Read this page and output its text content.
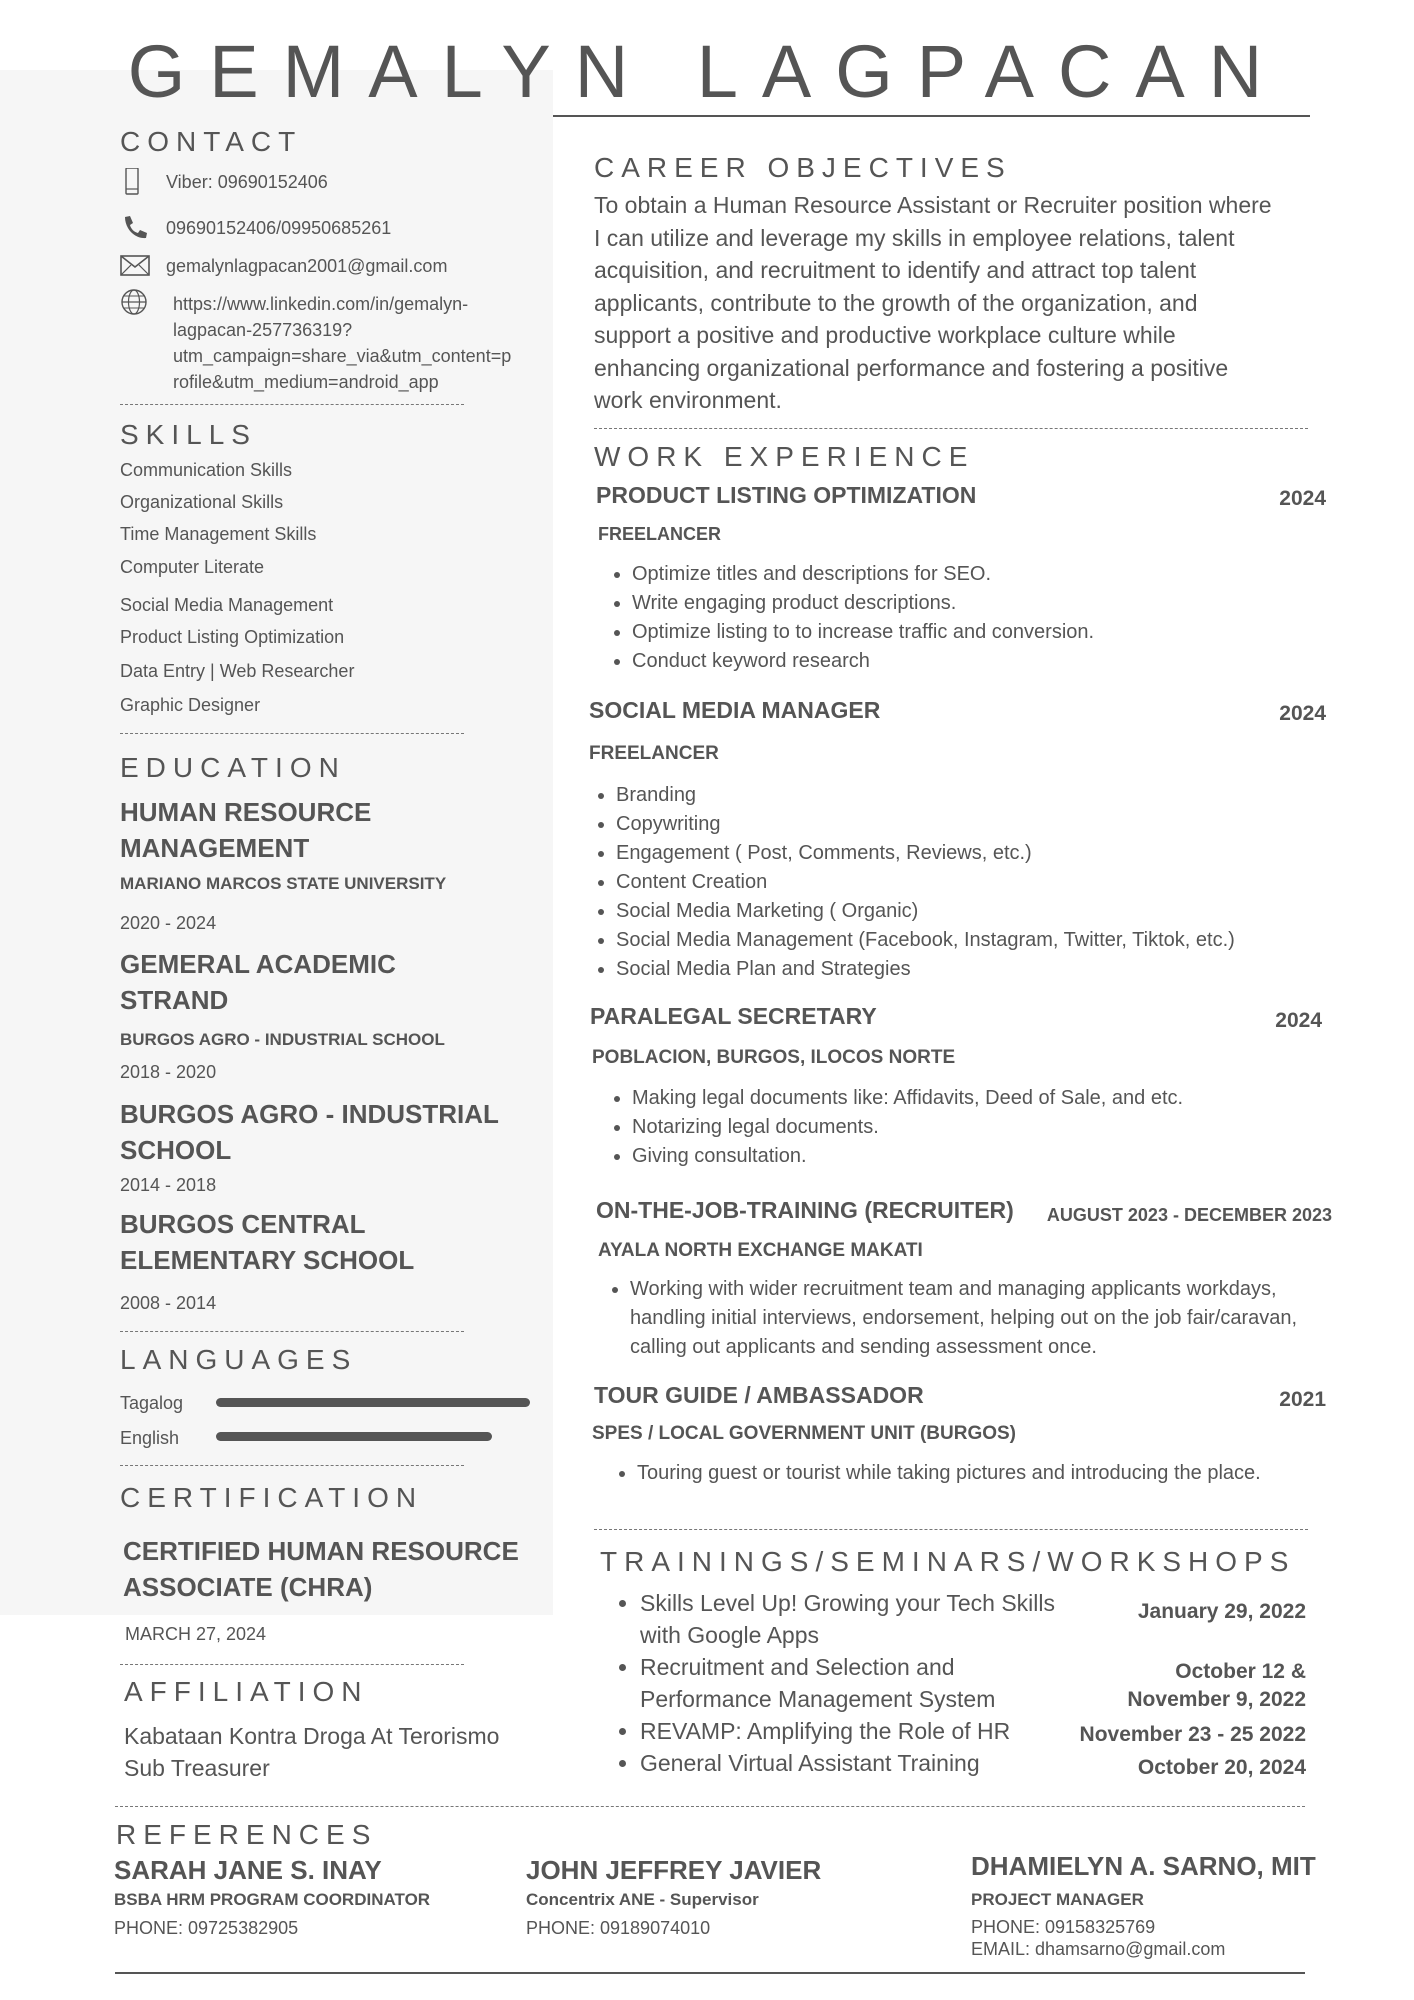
GEMALYN LAGPACAN
CONTACT
Viber: 09690152406
09690152406/09950685261
gemalynlagpacan2001@gmail.com
https://www.linkedin.com/in/gemalyn-
lagpacan-257736319?
utm_campaign=share_via&utm_content=p
rofile&utm_medium=android_app
SKILLS
Communication Skills
Organizational Skills
Time Management Skills
Computer Literate
Social Media Management
Product Listing Optimization
Data Entry | Web Researcher
Graphic Designer
EDUCATION
HUMAN RESOURCE
MANAGEMENT
MARIANO MARCOS STATE UNIVERSITY
2020 - 2024
GEMERAL ACADEMIC
STRAND
BURGOS AGRO - INDUSTRIAL SCHOOL
2018 - 2020
BURGOS AGRO - INDUSTRIAL
SCHOOL
2014 - 2018
BURGOS CENTRAL
ELEMENTARY SCHOOL
2008 - 2014
LANGUAGES
Tagalog
English
CERTIFICATION
CERTIFIED HUMAN RESOURCE
ASSOCIATE (CHRA)
MARCH 27, 2024
AFFILIATION
Kabataan Kontra Droga At Terorismo
Sub Treasurer
CAREER OBJECTIVES
To obtain a Human Resource Assistant or Recruiter position where
I can utilize and leverage my skills in employee relations, talent
acquisition, and recruitment to identify and attract top talent
applicants, contribute to the growth of the organization, and
support a positive and productive workplace culture while
enhancing organizational performance and fostering a positive
work environment.
WORK EXPERIENCE
PRODUCT LISTING OPTIMIZATION	2024
FREELANCER
• Optimize titles and descriptions for SEO.
• Write engaging product descriptions.
• Optimize listing to to increase traffic and conversion.
• Conduct keyword research
SOCIAL MEDIA MANAGER	2024
FREELANCER
• Branding
• Copywriting
• Engagement ( Post, Comments, Reviews, etc.)
• Content Creation
• Social Media Marketing ( Organic)
• Social Media Management (Facebook, Instagram, Twitter, Tiktok, etc.)
• Social Media Plan and Strategies
PARALEGAL SECRETARY	2024
POBLACION, BURGOS, ILOCOS NORTE
• Making legal documents like: Affidavits, Deed of Sale, and etc.
• Notarizing legal documents.
• Giving consultation.
ON-THE-JOB-TRAINING (RECRUITER)	AUGUST 2023 - DECEMBER 2023
AYALA NORTH EXCHANGE MAKATI
• Working with wider recruitment team and managing applicants workdays, handling initial interviews, endorsement, helping out on the job fair/caravan, calling out applicants and sending assessment once.
TOUR GUIDE / AMBASSADOR	2021
SPES / LOCAL GOVERNMENT UNIT (BURGOS)
• Touring guest or tourist while taking pictures and introducing the place.
TRAININGS/SEMINARS/WORKSHOPS
• Skills Level Up! Growing your Tech Skills
with Google Apps
January 29, 2022
• Recruitment and Selection and
Performance Management System
October 12 &
November 9, 2022
• REVAMP: Amplifying the Role of HR	November 23 - 25 2022
• General Virtual Assistant Training	October 20, 2024
REFERENCES
SARAH JANE S. INAY
BSBA HRM PROGRAM COORDINATOR
PHONE: 09725382905
JOHN JEFFREY JAVIER
Concentrix ANE - Supervisor
PHONE: 09189074010
DHAMIELYN A. SARNO, MIT
PROJECT MANAGER
PHONE: 09158325769
EMAIL: dhamsarno@gmail.com
